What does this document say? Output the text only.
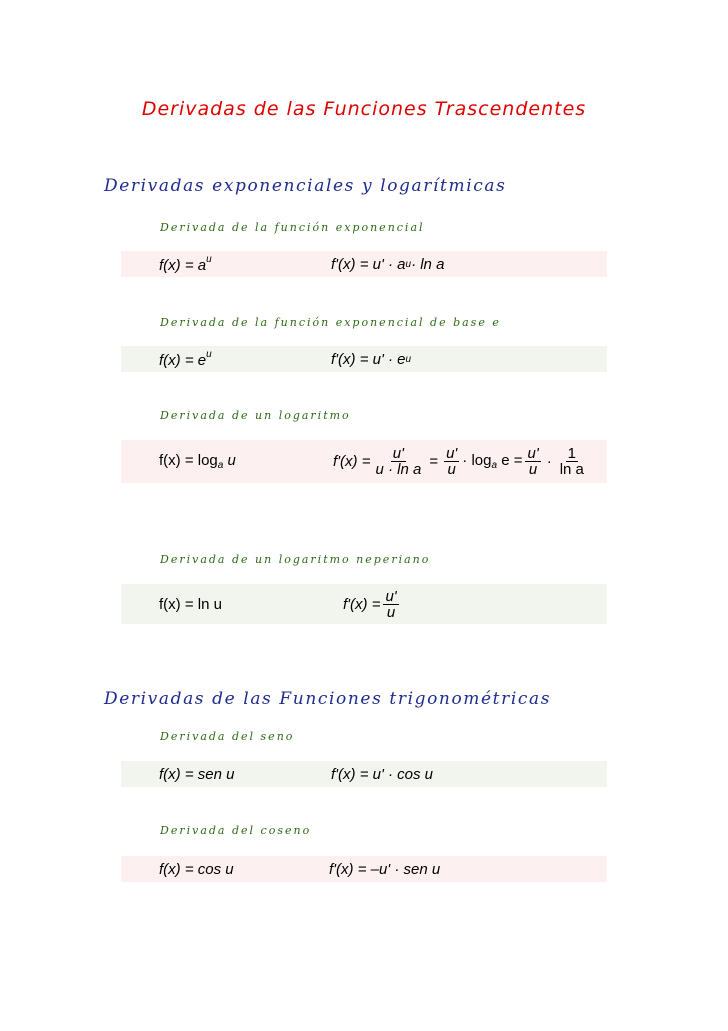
Derivadas de las Funciones Trascendentes
Derivadas exponenciales y logarítmicas
Derivada de la función exponencial
$f(x) = a^u$	f'(x) = u' · a u · ln a
Derivada de la función exponencial de base e
$f(x) = e^u$	f'(x) = u' · e u
Derivada de un logaritmo
$f(x) = \log_a u$	$f'(x) = \frac{u'}{\text{u · ln a}} = \frac{u'}{u} \cdot \log_a e = \frac{u'}{u} \cdot \frac{1}{\text{ln a}}$
Derivada de un logaritmo neperiano
f(x) = ln u	$f'(x) = \frac{u'}{u}$
Derivadas de las Funciones trigonométricas
Derivada del seno
f(x) = sen u	f'(x) = u' · cos u
Derivada del coseno
f(x) = cos u	f'(x) = –u' · sen u
